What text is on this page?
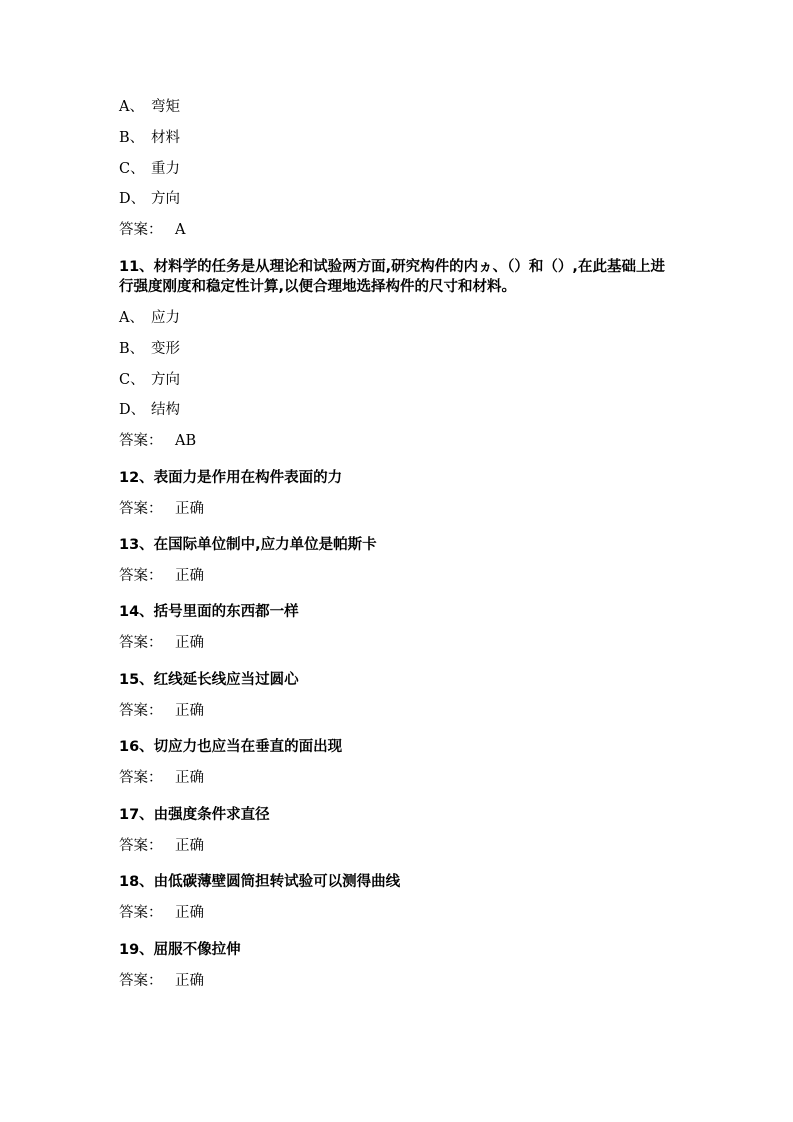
A、 弯矩
B、 材料
C、 重力
D、 方向
答案： A
11、材料学的任务是从理论和试验两方面,研究构件的内ヵ、（）和（）,在此基础上进行强度刚度和稳定性计算,以便合理地选择构件的尺寸和材料。
A、 应力
B、 变形
C、 方向
D、 结构
答案： AB
12、表面力是作用在构件表面的力
答案： 正确
13、在国际单位制中,应力单位是帕斯卡
答案： 正确
14、括号里面的东西都一样
答案： 正确
15、红线延长线应当过圆心
答案： 正确
16、切应力也应当在垂直的面出现
答案： 正确
17、由强度条件求直径
答案： 正确
18、由低碳薄壁圆筒担转试验可以测得曲线
答案： 正确
19、屈服不像拉伸
答案： 正确
